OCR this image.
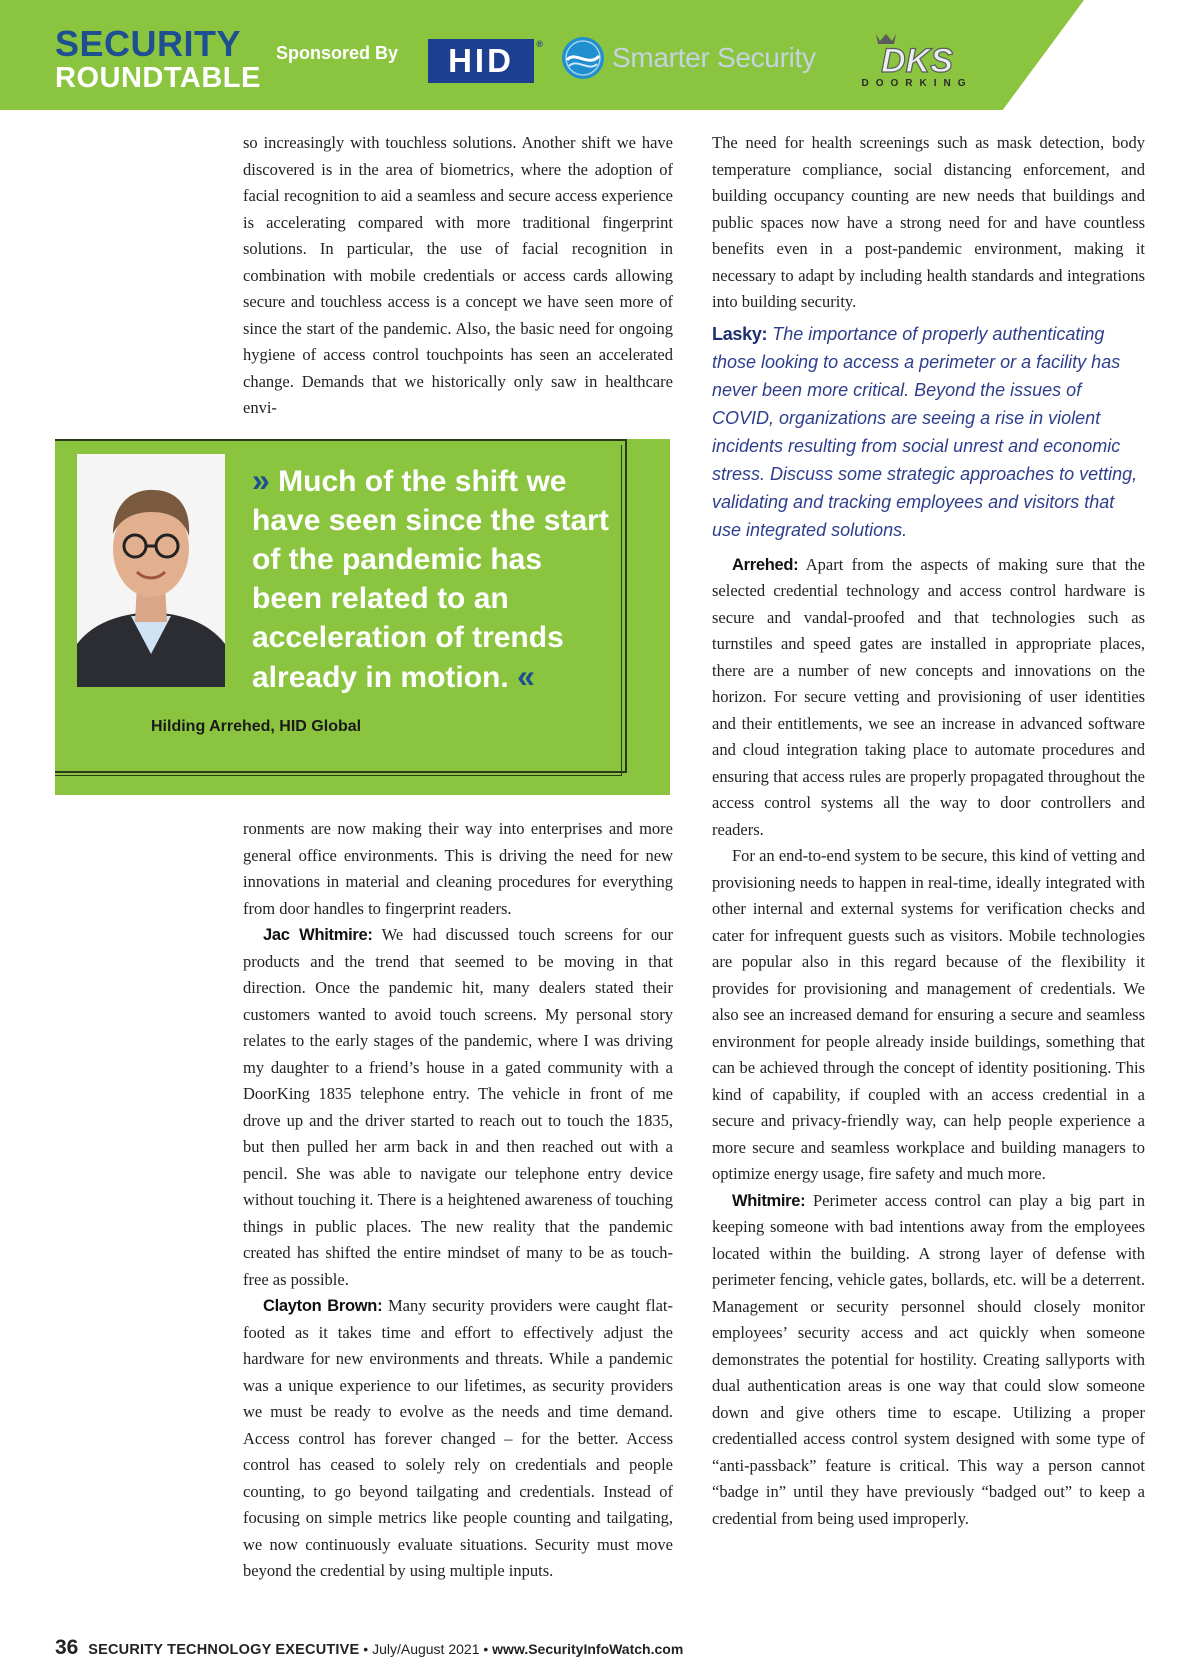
SECURITY
ROUNDTABLE
Sponsored By HID ® Smarter Security DKS
DOORKING

so increasingly with touchless solutions. Another shift we have discovered is in the area of biometrics, where the adoption of facial recognition to aid a seamless and secure access experience is accelerating compared with more traditional fingerprint solutions. In particular, the use of facial recognition in combination with mobile credentials or access cards allowing secure and touchless access is a concept we have seen more of since the start of the pandemic. Also, the basic need for ongoing hygiene of access control touchpoints has seen an accelerated change. Demands that we historically only saw in healthcare envi-

» Much of the shift we have seen since the start of the pandemic has been related to an acceleration of trends already in motion. «
Hilding Arrehed, HID Global

ronments are now making their way into enterprises and more general office environments. This is driving the need for new innovations in material and cleaning procedures for everything from door handles to fingerprint readers.

Jac Whitmire: We had discussed touch screens for our products and the trend that seemed to be moving in that direction. Once the pandemic hit, many dealers stated their customers wanted to avoid touch screens. My personal story relates to the early stages of the pandemic, where I was driving my daughter to a friend’s house in a gated community with a DoorKing 1835 telephone entry. The vehicle in front of me drove up and the driver started to reach out to touch the 1835, but then pulled her arm back in and then reached out with a pencil. She was able to navigate our telephone entry device without touching it. There is a heightened awareness of touching things in public places. The new reality that the pandemic created has shifted the entire mindset of many to be as touch-free as possible.

Clayton Brown: Many security providers were caught flat-footed as it takes time and effort to effectively adjust the hardware for new environments and threats. While a pandemic was a unique experience to our lifetimes, as security providers we must be ready to evolve as the needs and time demand. Access control has forever changed – for the better. Access control has ceased to solely rely on credentials and people counting, to go beyond tailgating and credentials. Instead of focusing on simple metrics like people counting and tailgating, we now continuously evaluate situations. Security must move beyond the credential by using multiple inputs.

The need for health screenings such as mask detection, body temperature compliance, social distancing enforcement, and building occupancy counting are new needs that buildings and public spaces now have a strong need for and have countless benefits even in a post-pandemic environment, making it necessary to adapt by including health standards and integrations into building security.

Lasky: The importance of properly authenticating those looking to access a perimeter or a facility has never been more critical. Beyond the issues of COVID, organizations are seeing a rise in violent incidents resulting from social unrest and economic stress. Discuss some strategic approaches to vetting, validating and tracking employees and visitors that use integrated solutions.

Arrehed: Apart from the aspects of making sure that the selected credential technology and access control hardware is secure and vandal-proofed and that technologies such as turnstiles and speed gates are installed in appropriate places, there are a number of new concepts and innovations on the horizon. For secure vetting and provisioning of user identities and their entitlements, we see an increase in advanced software and cloud integration taking place to automate procedures and ensuring that access rules are properly propagated throughout the access control systems all the way to door controllers and readers.

For an end-to-end system to be secure, this kind of vetting and provisioning needs to happen in real-time, ideally integrated with other internal and external systems for verification checks and cater for infrequent guests such as visitors. Mobile technologies are popular also in this regard because of the flexibility it provides for provisioning and management of credentials. We also see an increased demand for ensuring a secure and seamless environment for people already inside buildings, something that can be achieved through the concept of identity positioning. This kind of capability, if coupled with an access credential in a secure and privacy-friendly way, can help people experience a more secure and seamless workplace and building managers to optimize energy usage, fire safety and much more.

Whitmire: Perimeter access control can play a big part in keeping someone with bad intentions away from the employees located within the building. A strong layer of defense with perimeter fencing, vehicle gates, bollards, etc. will be a deterrent. Management or security personnel should closely monitor employees’ security access and act quickly when someone demonstrates the potential for hostility. Creating sallyports with dual authentication areas is one way that could slow someone down and give others time to escape. Utilizing a proper credentialled access control system designed with some type of “anti-passback” feature is critical. This way a person cannot “badge in” until they have previously “badged out” to keep a credential from being used improperly.

36 SECURITY TECHNOLOGY EXECUTIVE • July/August 2021 • www.SecurityInfoWatch.com
